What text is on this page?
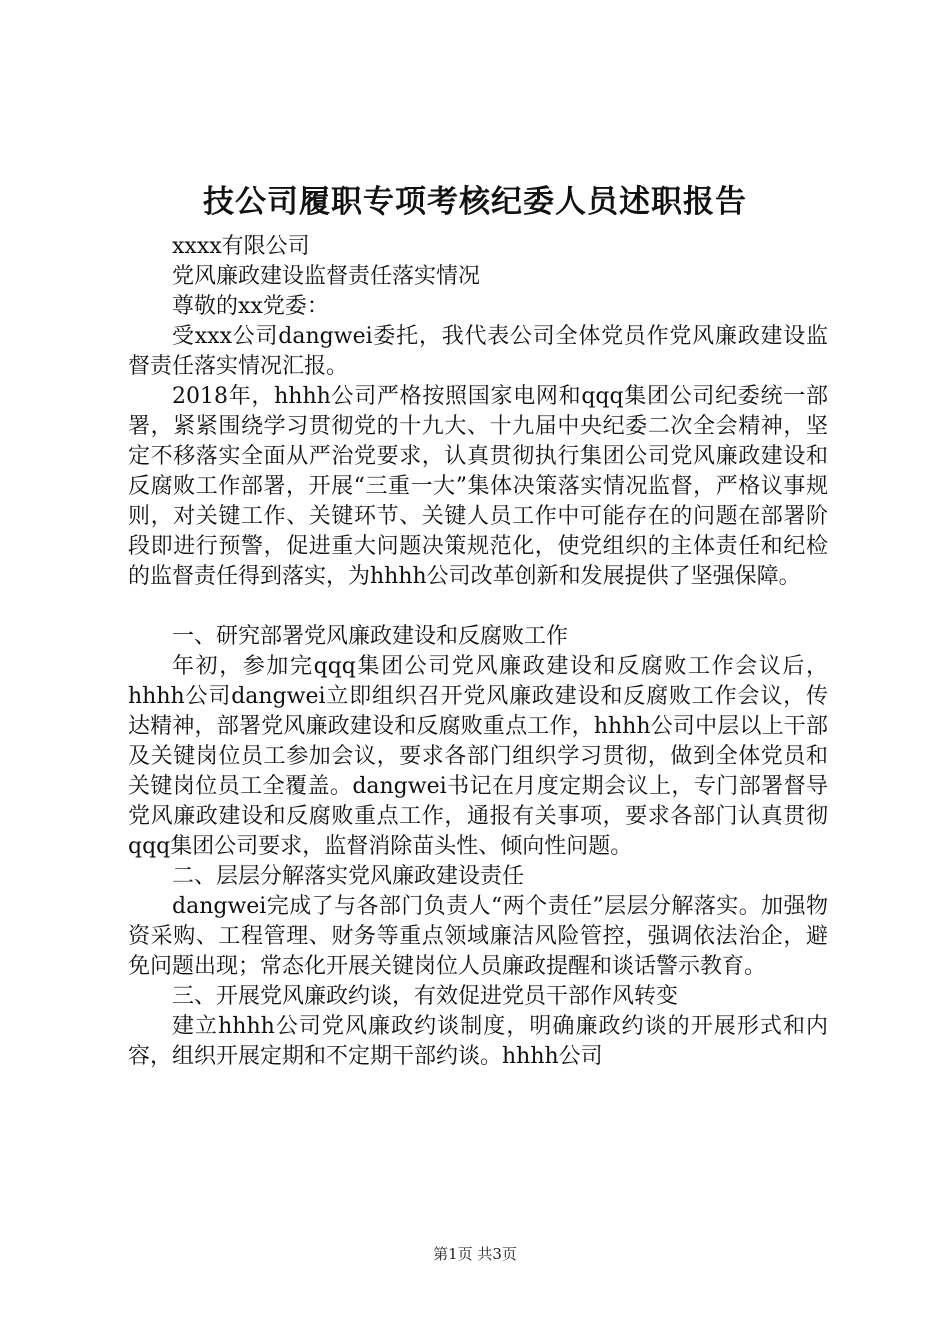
技公司履职专项考核纪委人员述职报告

xxxx有限公司

党风廉政建设监督责任落实情况

尊敬的xx党委：

受xxx公司dangwei委托，我代表公司全体党员作党风廉政建设监督责任落实情况汇报。

2018年，hhhh公司严格按照国家电网和qqq集团公司纪委统一部署，紧紧围绕学习贯彻党的十九大、十九届中央纪委二次全会精神，坚定不移落实全面从严治党要求，认真贯彻执行集团公司党风廉政建设和反腐败工作部署，开展“三重一大”集体决策落实情况监督，严格议事规则，对关键工作、关键环节、关键人员工作中可能存在的问题在部署阶段即进行预警，促进重大问题决策规范化，使党组织的主体责任和纪检的监督责任得到落实，为hhhh公司改革创新和发展提供了坚强保障。

一、研究部署党风廉政建设和反腐败工作

年初，参加完qqq集团公司党风廉政建设和反腐败工作会议后，hhhh公司dangwei立即组织召开党风廉政建设和反腐败工作会议，传达精神，部署党风廉政建设和反腐败重点工作，hhhh公司中层以上干部及关键岗位员工参加会议，要求各部门组织学习贯彻，做到全体党员和关键岗位员工全覆盖。dangwei书记在月度定期会议上，专门部署督导党风廉政建设和反腐败重点工作，通报有关事项，要求各部门认真贯彻qqq集团公司要求，监督消除苗头性、倾向性问题。

二、层层分解落实党风廉政建设责任

dangwei完成了与各部门负责人“两个责任”层层分解落实。加强物资采购、工程管理、财务等重点领域廉洁风险管控，强调依法治企，避免问题出现；常态化开展关键岗位人员廉政提醒和谈话警示教育。

三、开展党风廉政约谈，有效促进党员干部作风转变

建立hhhh公司党风廉政约谈制度，明确廉政约谈的开展形式和内容，组织开展定期和不定期干部约谈。hhhh公司

第1页 共3页
